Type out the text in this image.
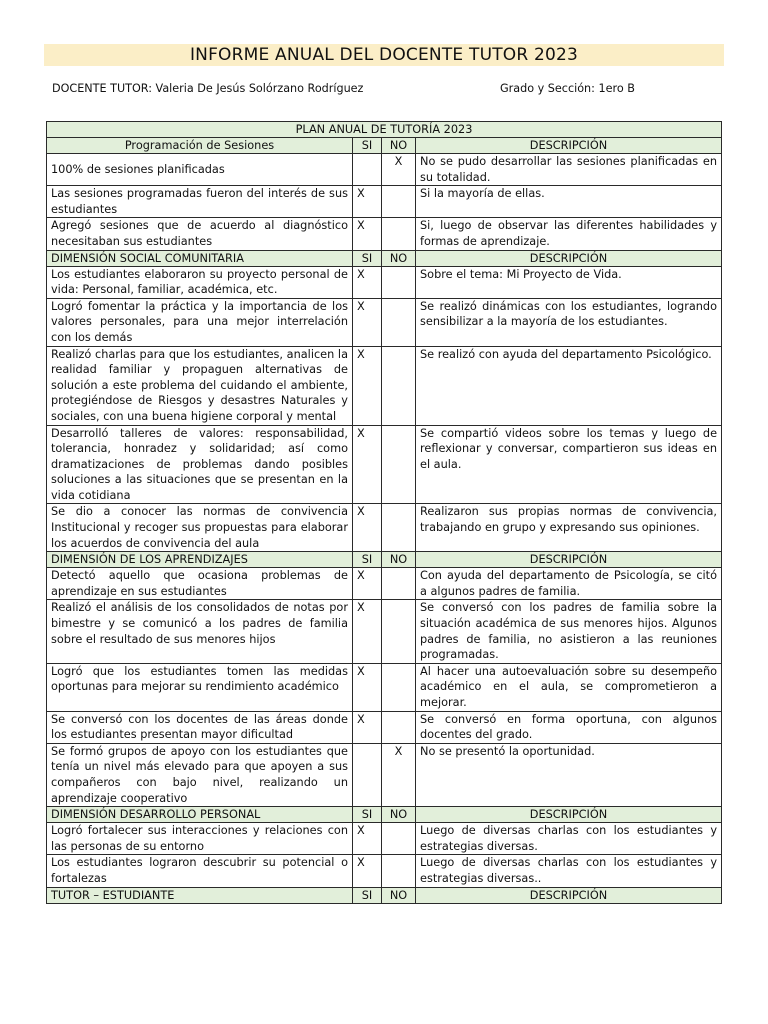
INFORME ANUAL DEL DOCENTE TUTOR 2023
DOCENTE TUTOR: Valeria De Jesús Solórzano Rodríguez	Grado y Sección: 1ero B
PLAN ANUAL DE TUTORÍA 2023			
Programación de Sesiones	SI	NO	DESCRIPCIÓN
100% de sesiones planificadas		X	No se pudo desarrollar las sesiones planificadas en su totalidad.
Las sesiones programadas fueron del interés de sus estudiantes	X		Si la mayoría de ellas.
Agregó sesiones que de acuerdo al diagnóstico necesitaban sus estudiantes	X		Si, luego de observar las diferentes habilidades y formas de aprendizaje.
DIMENSIÓN SOCIAL COMUNITARIA	SI	NO	DESCRIPCIÓN
Los estudiantes elaboraron su proyecto personal de vida: Personal, familiar, académica, etc.	X		Sobre el tema: Mi Proyecto de Vida.
Logró fomentar la práctica y la importancia de los valores personales, para una mejor interrelación con los demás	X		Se realizó dinámicas con los estudiantes, logrando sensibilizar a la mayoría de los estudiantes.
Realizó charlas para que los estudiantes, analicen la realidad familiar y propaguen alternativas de solución a este problema del cuidando el ambiente, protegiéndose de Riesgos y desastres Naturales y sociales, con una buena higiene corporal y mental	X		Se realizó con ayuda del departamento Psicológico.
Desarrolló talleres de valores: responsabilidad, tolerancia, honradez y solidaridad; así como dramatizaciones de problemas dando posibles soluciones a las situaciones que se presentan en la vida cotidiana	X		Se compartió videos sobre los temas y luego de reflexionar y conversar, compartieron sus ideas en el aula.
Se dio a conocer las normas de convivencia Institucional y recoger sus propuestas para elaborar los acuerdos de convivencia del aula	X		Realizaron sus propias normas de convivencia, trabajando en grupo y expresando sus opiniones.
DIMENSIÓN DE LOS APRENDIZAJES	SI	NO	DESCRIPCIÓN
Detectó aquello que ocasiona problemas de aprendizaje en sus estudiantes	X		Con ayuda del departamento de Psicología, se citó a algunos padres de familia.
Realizó el análisis de los consolidados de notas por bimestre y se comunicó a los padres de familia sobre el resultado de sus menores hijos	X		Se conversó con los padres de familia sobre la situación académica de sus menores hijos. Algunos padres de familia, no asistieron a las reuniones programadas.
Logró que los estudiantes tomen las medidas oportunas para mejorar su rendimiento académico	X		Al hacer una autoevaluación sobre su desempeño académico en el aula, se comprometieron a mejorar.
Se conversó con los docentes de las áreas donde los estudiantes presentan mayor dificultad	X		Se conversó en forma oportuna, con algunos docentes del grado.
Se formó grupos de apoyo con los estudiantes que tenía un nivel más elevado para que apoyen a sus compañeros con bajo nivel, realizando un aprendizaje cooperativo		X	No se presentó la oportunidad.
DIMENSIÓN DESARROLLO PERSONAL	SI	NO	DESCRIPCIÓN
Logró fortalecer sus interacciones y relaciones con las personas de su entorno	X		Luego de diversas charlas con los estudiantes y estrategias diversas.
Los estudiantes lograron descubrir su potencial o fortalezas	X		Luego de diversas charlas con los estudiantes y estrategias diversas..
TUTOR – ESTUDIANTE	SI	NO	DESCRIPCIÓN
